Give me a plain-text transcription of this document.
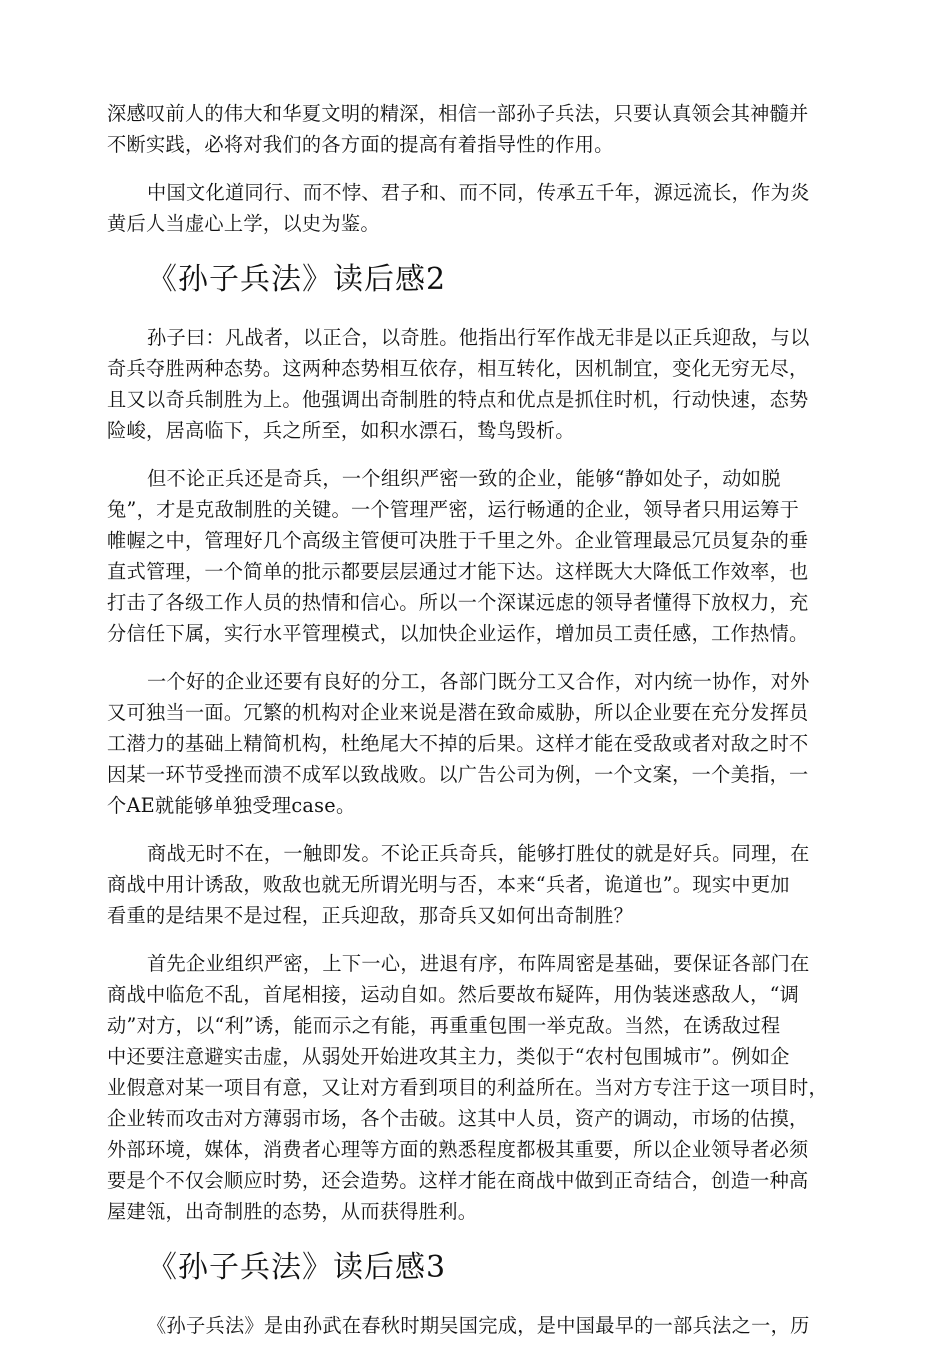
深感叹前人的伟大和华夏文明的精深，相信一部孙子兵法，只要认真领会其神髓并
不断实践，必将对我们的各方面的提高有着指导性的作用。

中国文化道同行、而不悖、君子和、而不同，传承五千年，源远流长，作为炎
黄后人当虚心上学，以史为鉴。

《孙子兵法》读后感2

孙子曰：凡战者，以正合，以奇胜。他指出行军作战无非是以正兵迎敌，与以
奇兵夺胜两种态势。这两种态势相互依存，相互转化，因机制宜，变化无穷无尽，
且又以奇兵制胜为上。他强调出奇制胜的特点和优点是抓住时机，行动快速，态势
险峻，居高临下，兵之所至，如积水漂石，鸷鸟毁析。

但不论正兵还是奇兵，一个组织严密一致的企业，能够“静如处子，动如脱
兔”，才是克敌制胜的关键。一个管理严密，运行畅通的企业，领导者只用运筹于
帷幄之中，管理好几个高级主管便可决胜于千里之外。企业管理最忌冗员复杂的垂
直式管理，一个简单的批示都要层层通过才能下达。这样既大大降低工作效率，也
打击了各级工作人员的热情和信心。所以一个深谋远虑的领导者懂得下放权力，充
分信任下属，实行水平管理模式，以加快企业运作，增加员工责任感，工作热情。

一个好的企业还要有良好的分工，各部门既分工又合作，对内统一协作，对外
又可独当一面。冗繁的机构对企业来说是潜在致命威胁，所以企业要在充分发挥员
工潜力的基础上精简机构，杜绝尾大不掉的后果。这样才能在受敌或者对敌之时不
因某一环节受挫而溃不成军以致战败。以广告公司为例，一个文案，一个美指，一
个AE就能够单独受理case。

商战无时不在，一触即发。不论正兵奇兵，能够打胜仗的就是好兵。同理，在
商战中用计诱敌，败敌也就无所谓光明与否，本来“兵者，诡道也”。现实中更加
看重的是结果不是过程，正兵迎敌，那奇兵又如何出奇制胜？

首先企业组织严密，上下一心，进退有序，布阵周密是基础，要保证各部门在
商战中临危不乱，首尾相接，运动自如。然后要故布疑阵，用伪装迷惑敌人，“调
动”对方，以“利”诱，能而示之有能，再重重包围一举克敌。当然，在诱敌过程
中还要注意避实击虚，从弱处开始进攻其主力，类似于“农村包围城市”。例如企
业假意对某一项目有意，又让对方看到项目的利益所在。当对方专注于这一项目时，
企业转而攻击对方薄弱市场，各个击破。这其中人员，资产的调动，市场的估摸，
外部环境，媒体，消费者心理等方面的熟悉程度都极其重要，所以企业领导者必须
要是个不仅会顺应时势，还会造势。这样才能在商战中做到正奇结合，创造一种高
屋建瓴，出奇制胜的态势，从而获得胜利。

《孙子兵法》读后感3

《孙子兵法》是由孙武在春秋时期吴国完成，是中国最早的一部兵法之一，历
